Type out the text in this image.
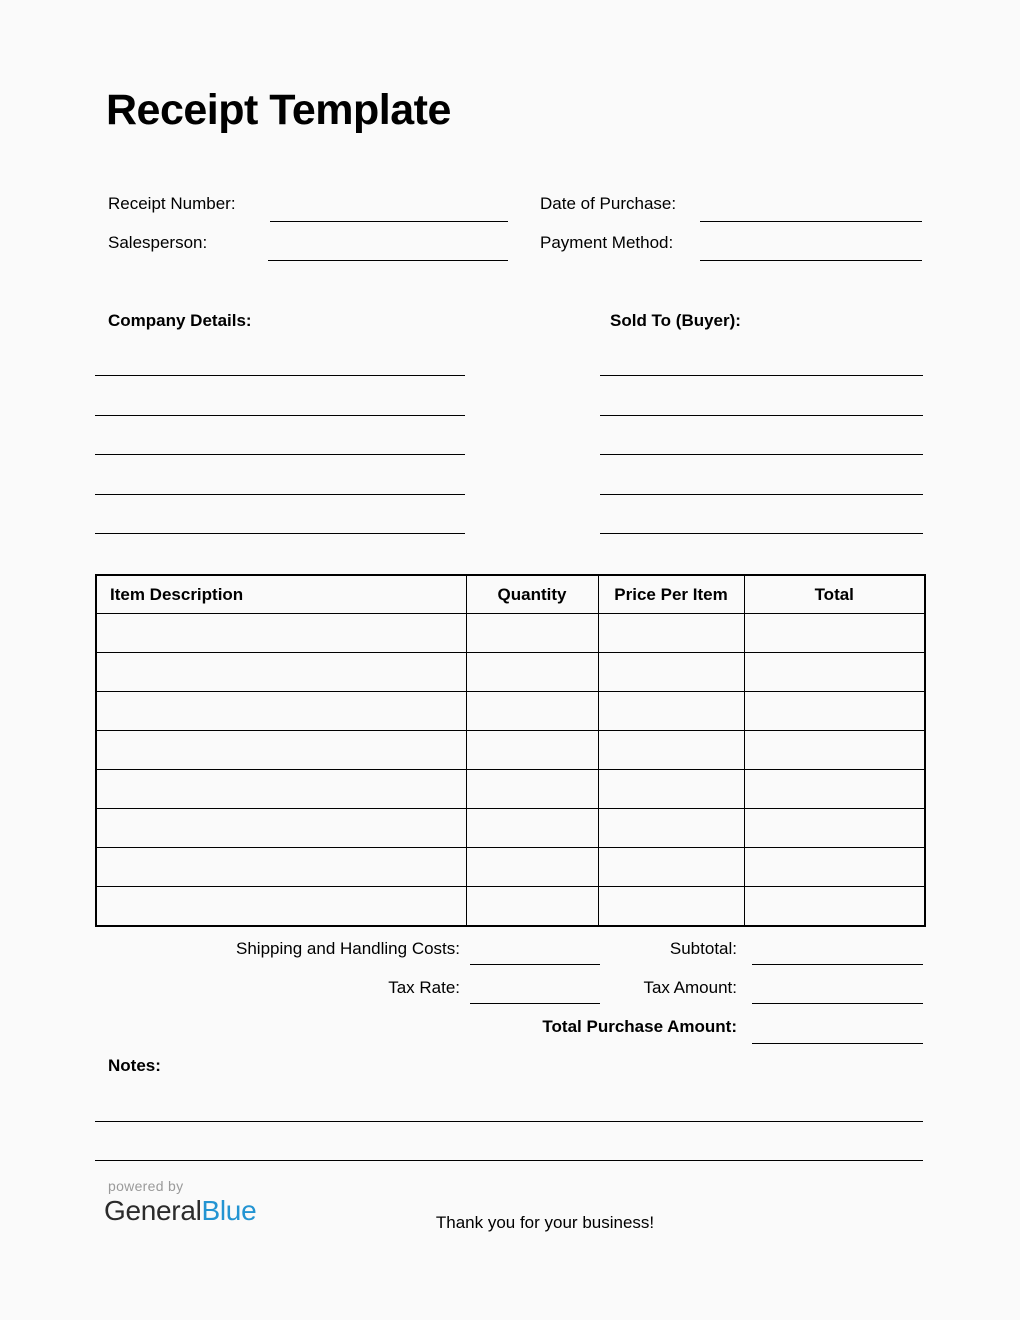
Receipt Template
Receipt Number:	Date of Purchase:
Salesperson:	Payment Method:
Company Details:	Sold To (Buyer):
Item Description	Quantity	Price Per Item	Total

Shipping and Handling Costs:	Subtotal:
Tax Rate:	Tax Amount:
Total Purchase Amount:
Notes:
powered by
GeneralBlue	Thank you for your business!
